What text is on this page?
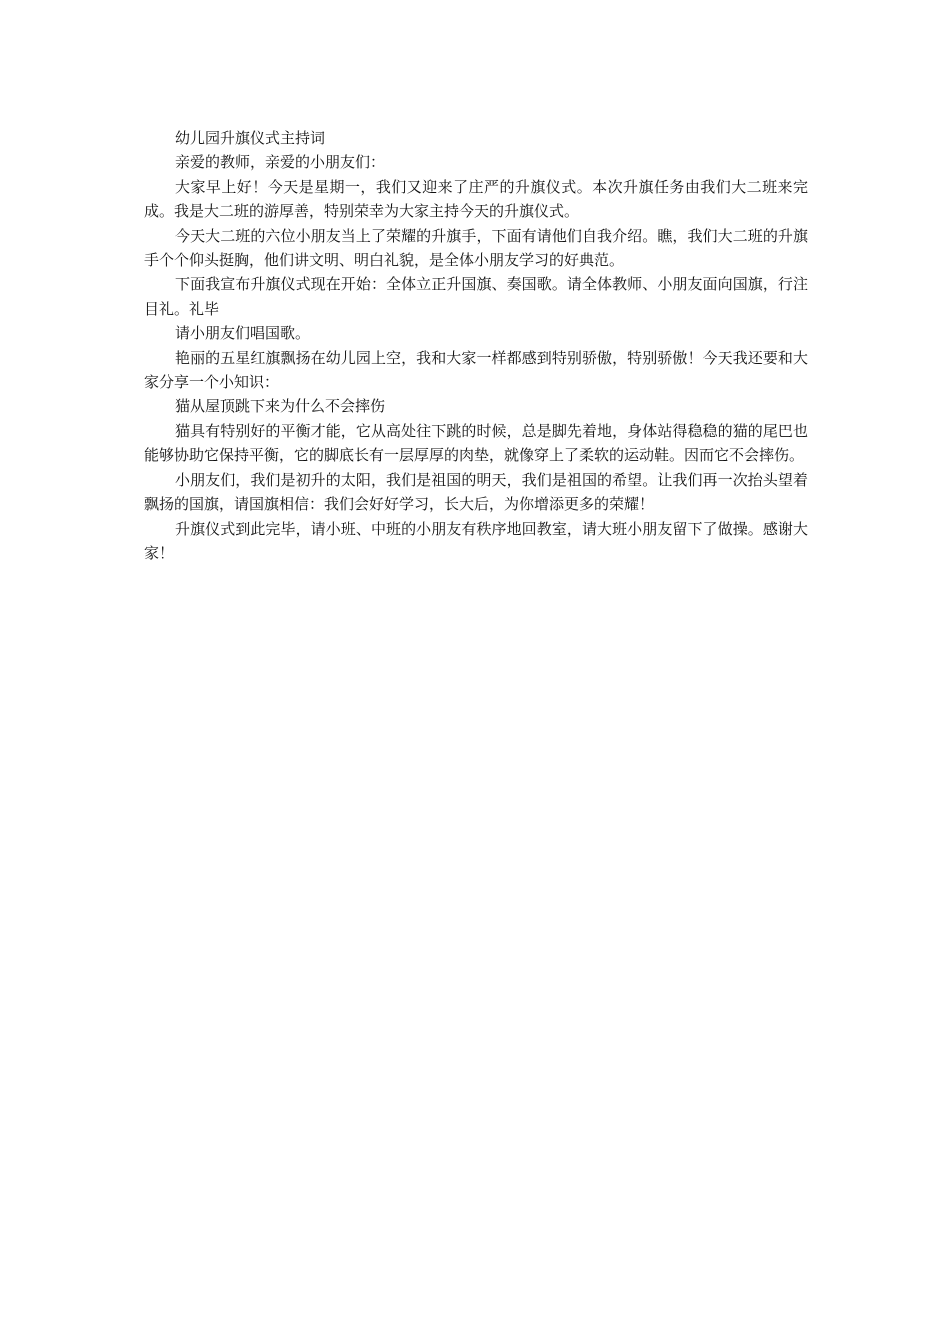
幼儿园升旗仪式主持词

亲爱的教师，亲爱的小朋友们：

大家早上好！今天是星期一，我们又迎来了庄严的升旗仪式。本次升旗任务由我们大二班来完成。我是大二班的游厚善，特别荣幸为大家主持今天的升旗仪式。

今天大二班的六位小朋友当上了荣耀的升旗手，下面有请他们自我介绍。瞧，我们大二班的升旗手个个仰头挺胸，他们讲文明、明白礼貌，是全体小朋友学习的好典范。

下面我宣布升旗仪式现在开始：全体立正升国旗、奏国歌。请全体教师、小朋友面向国旗，行注目礼。礼毕

请小朋友们唱国歌。

艳丽的五星红旗飘扬在幼儿园上空，我和大家一样都感到特别骄傲，特别骄傲！今天我还要和大家分享一个小知识：

猫从屋顶跳下来为什么不会摔伤

猫具有特别好的平衡才能，它从高处往下跳的时候，总是脚先着地，身体站得稳稳的猫的尾巴也能够协助它保持平衡，它的脚底长有一层厚厚的肉垫，就像穿上了柔软的运动鞋。因而它不会摔伤。

小朋友们，我们是初升的太阳，我们是祖国的明天，我们是祖国的希望。让我们再一次抬头望着飘扬的国旗，请国旗相信：我们会好好学习，长大后，为你增添更多的荣耀！

升旗仪式到此完毕，请小班、中班的小朋友有秩序地回教室，请大班小朋友留下了做操。感谢大家！
